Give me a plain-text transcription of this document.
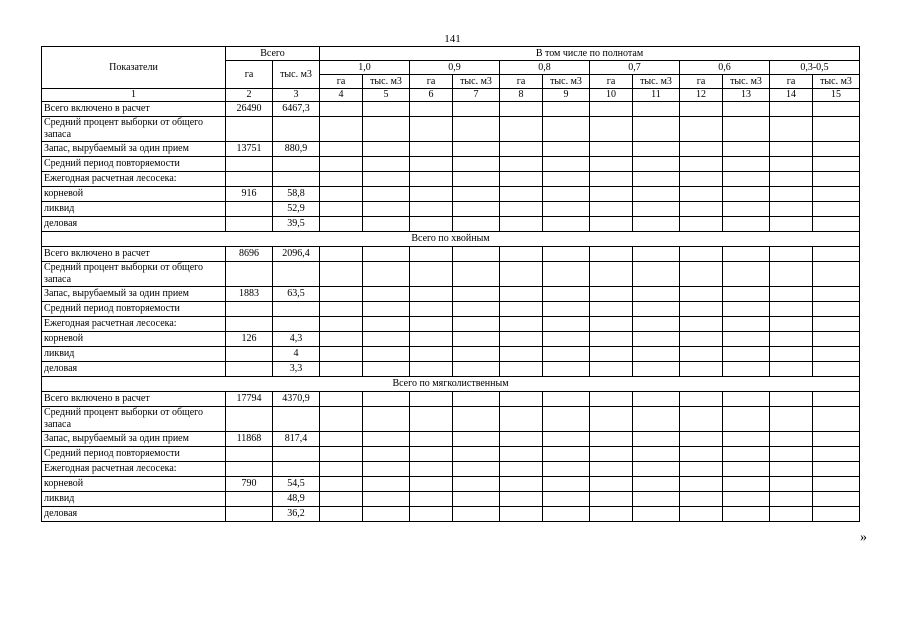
141
Показатели	Всего		В том числе по полнотам											
	га	тыс. м3	1,0		0,9		0,8		0,7		0,6		0,3-0,5	
			га	тыс. м3	га	тыс. м3	га	тыс. м3	га	тыс. м3	га	тыс. м3	га	тыс. м3
1	2	3	4	5	6	7	8	9	10	11	12	13	14	15
Всего включено в расчет	26490	6467,3												
Средний процент выборки от общего запаса														
Запас, вырубаемый за один прием	13751	880,9												
Средний период повторяемости														
Ежегодная расчетная лесосека:														
корневой	916	58,8												
ликвид		52,9												
деловая		39,5												
Всего по хвойным														
Всего включено в расчет	8696	2096,4												
Средний процент выборки от общего запаса														
Запас, вырубаемый за один прием	1883	63,5												
Средний период повторяемости														
Ежегодная расчетная лесосека:														
корневой	126	4,3												
ликвид		4												
деловая		3,3												
Всего по мягколиственным														
Всего включено в расчет	17794	4370,9												
Средний процент выборки от общего запаса														
Запас, вырубаемый за один прием	11868	817,4												
Средний период повторяемости														
Ежегодная расчетная лесосека:														
корневой	790	54,5												
ликвид		48,9												
деловая		36,2												
»
